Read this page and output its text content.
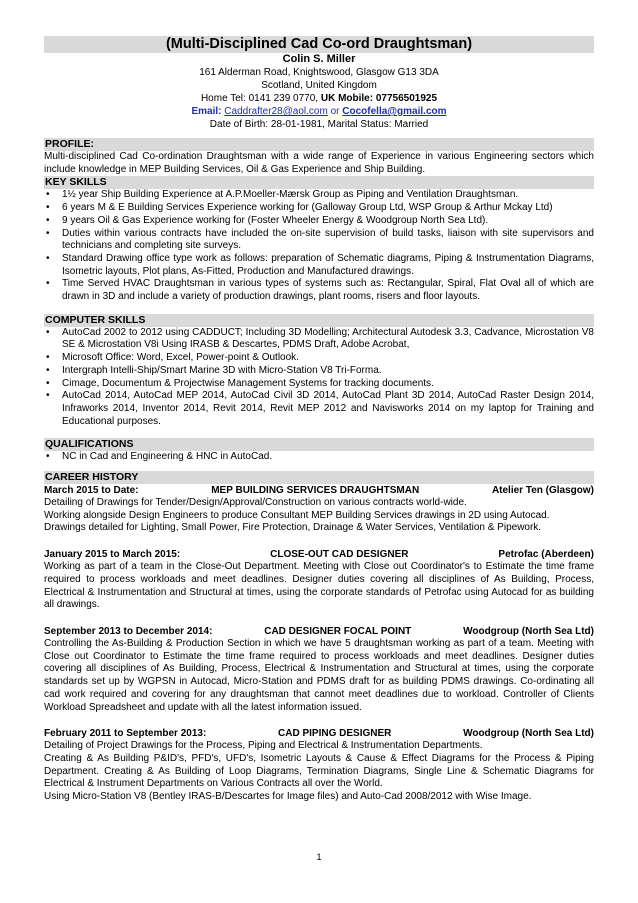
(Multi-Disciplined Cad Co-ord Draughtsman)
Colin S. Miller
161 Alderman Road, Knightswood, Glasgow G13 3DA
Scotland, United Kingdom
Home Tel: 0141 239 0770, UK Mobile: 07756501925
Email: Caddrafter28@aol.com or Cocofella@gmail.com
Date of Birth: 28-01-1981, Marital Status: Married
PROFILE:
Multi-disciplined Cad Co-ordination Draughtsman with a wide range of Experience in various Engineering sectors which include knowledge in MEP Building Services, Oil & Gas Experience and Ship Building.
KEY SKILLS
• 1½ year Ship Building Experience at A.P.Moeller-Mærsk Group as Piping and Ventilation Draughtsman.
• 6 years M & E Building Services Experience working for (Galloway Group Ltd, WSP Group & Arthur Mckay Ltd)
• 9 years Oil & Gas Experience working for (Foster Wheeler Energy & Woodgroup North Sea Ltd).
• Duties within various contracts have included the on-site supervision of build tasks, liaison with site supervisors and technicians and completing site surveys.
• Standard Drawing office type work as follows: preparation of Schematic diagrams, Piping & Instrumentation Diagrams, Isometric layouts, Plot plans, As-Fitted, Production and Manufactured drawings.
• Time Served HVAC Draughtsman in various types of systems such as: Rectangular, Spiral, Flat Oval all of which are drawn in 3D and include a variety of production drawings, plant rooms, risers and floor layouts.
COMPUTER SKILLS
• AutoCad 2002 to 2012 using CADDUCT; Including 3D Modelling; Architectural Autodesk 3.3, Cadvance, Microstation V8 SE & Microstation V8i Using IRASB & Descartes, PDMS Draft, Adobe Acrobat,
• Microsoft Office: Word, Excel, Power-point & Outlook.
• Intergraph Intelli-Ship/Smart Marine 3D with Micro-Station V8 Tri-Forma.
• Cimage, Documentum & Projectwise Management Systems for tracking documents.
• AutoCad 2014, AutoCad MEP 2014, AutoCad Civil 3D 2014, AutoCad Plant 3D 2014, AutoCad Raster Design 2014, Infraworks 2014, Inventor 2014, Revit 2014, Revit MEP 2012 and Navisworks 2014 on my laptop for Training and Educational purposes.
QUALIFICATIONS
• NC in Cad and Engineering & HNC in AutoCad.
CAREER HISTORY
March 2015 to Date:	MEP BUILDING SERVICES DRAUGHTSMAN	Atelier Ten (Glasgow)
Detailing of Drawings for Tender/Design/Approval/Construction on various contracts world-wide.
Working alongside Design Engineers to produce Consultant MEP Building Services drawings in 2D using Autocad.
Drawings detailed for Lighting, Small Power, Fire Protection, Drainage & Water Services, Ventilation & Pipework.
January 2015 to March 2015:	CLOSE-OUT CAD DESIGNER	Petrofac (Aberdeen)
Working as part of a team in the Close-Out Department. Meeting with Close out Coordinator's to Estimate the time frame required to process workloads and meet deadlines. Designer duties covering all disciplines of As Building, Process, Electrical & Instrumentation and Structural at times, using the corporate standards of Petrofac using Autocad for as building all drawings.
September 2013 to December 2014:	CAD DESIGNER FOCAL POINT	Woodgroup (North Sea Ltd)
Controlling the As-Building & Production Section in which we have 5 draughtsman working as part of a team. Meeting with Close out Coordinator to Estimate the time frame required to process workloads and meet deadlines. Designer duties covering all disciplines of As Building, Process, Electrical & Instrumentation and Structural at times, using the corporate standards set up by WGPSN in Autocad, Micro-Station and PDMS draft for as building PDMS drawings. Co-ordinating all cad work required and covering for any draughtsman that cannot meet deadlines due to workload. Controller of Clients Workload Spreadsheet and update with all the latest information issued.
February 2011 to September 2013:	CAD PIPING DESIGNER	Woodgroup (North Sea Ltd)
Detailing of Project Drawings for the Process, Piping and Electrical & Instrumentation Departments.
Creating & As Building P&ID's, PFD's, UFD's, Isometric Layouts & Cause & Effect Diagrams for the Process & Piping Department. Creating & As Building of Loop Diagrams, Termination Diagrams, Single Line & Schematic Diagrams for Electrical & Instrument Departments on Various Contracts all over the World.
Using Micro-Station V8 (Bentley IRAS-B/Descartes for Image files) and Auto-Cad 2008/2012 with Wise Image.
1
